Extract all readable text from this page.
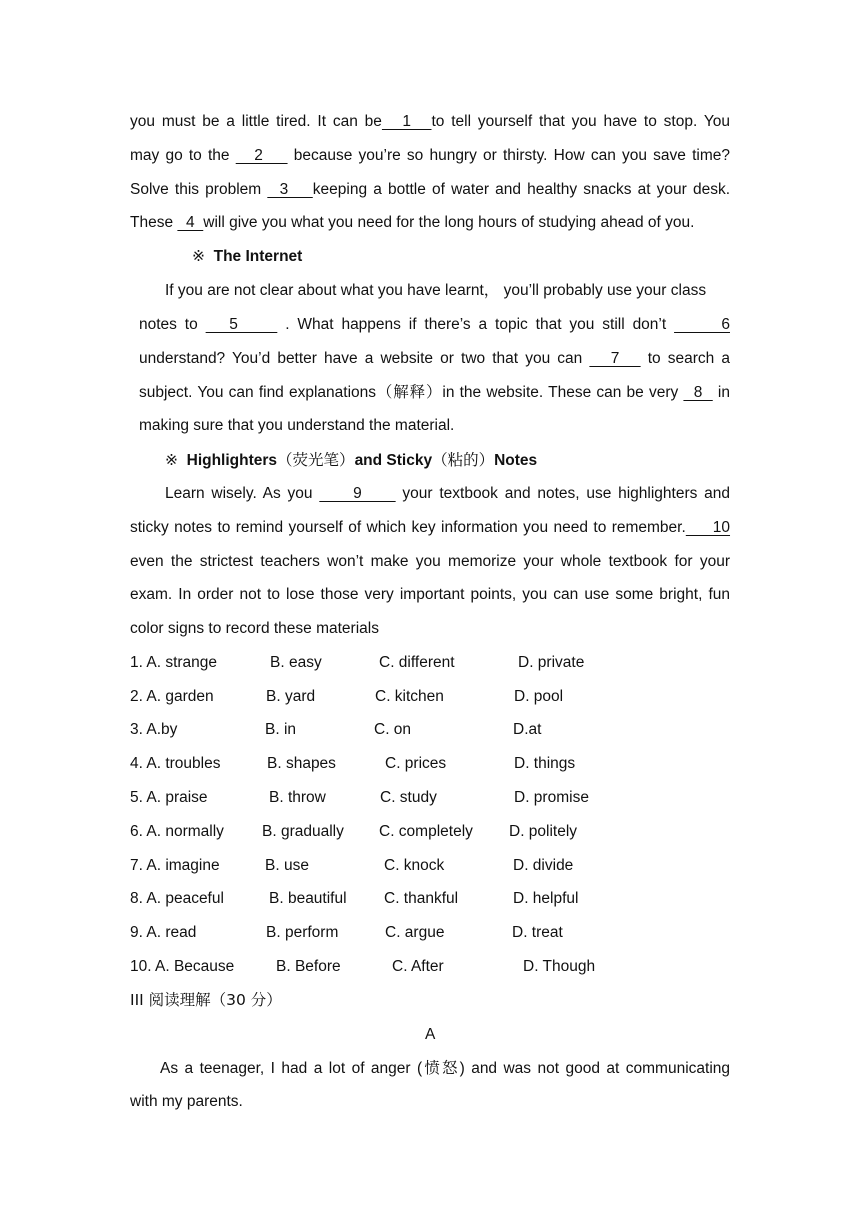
you must be a little tired. It can be   1   to tell yourself that you have to stop. You
may go to the    2     because you’re so hungry or thirsty. How can you save time?
Solve this problem   3    keeping a bottle of water and healthy snacks at your desk.
These   4  will give you what you need for the long hours of studying ahead of you.
※ The Internet
If you are not clear about what you have learnt， you’ll probably use your class
notes to    5      . What happens if there’s a topic that you still don’t       6
understand? You’d better have a website or two that you can    7    to search a
subject. You can find explanations（解释）in the website. These can be very   8   in
making sure that you understand the material.
※ Highlighters（荧光笔）and Sticky（粘的）Notes
Learn wisely. As you      9      your textbook and notes, use highlighters and
sticky notes to remind yourself of which key information you need to remember.     10
even the strictest teachers won’t make you memorize your whole textbook for your
exam. In order not to lose those very important points, you can use some bright, fun
color signs to record these materials
1. A. strange	B. easy	C. different	D. private
2. A. garden	B. yard	C. kitchen	D. pool
3. A.by	B. in	C. on	D.at
4. A. troubles	B. shapes	C. prices	D. things
5. A. praise	B. throw	C. study	D. promise
6. A. normally B. gradually C. completely D. politely
7. A. imagine	B. use	C. knock	D. divide
8. A. peaceful	B. beautiful C. thankful	D. helpful
9. A. read	B. perform	C. argue	D. treat
10. A. Because	B. Before	C. After	D. Though
III 阅读理解（30 分）
A
As a teenager, I had a lot of anger (愤怒) and was not good at communicating
with my parents.
